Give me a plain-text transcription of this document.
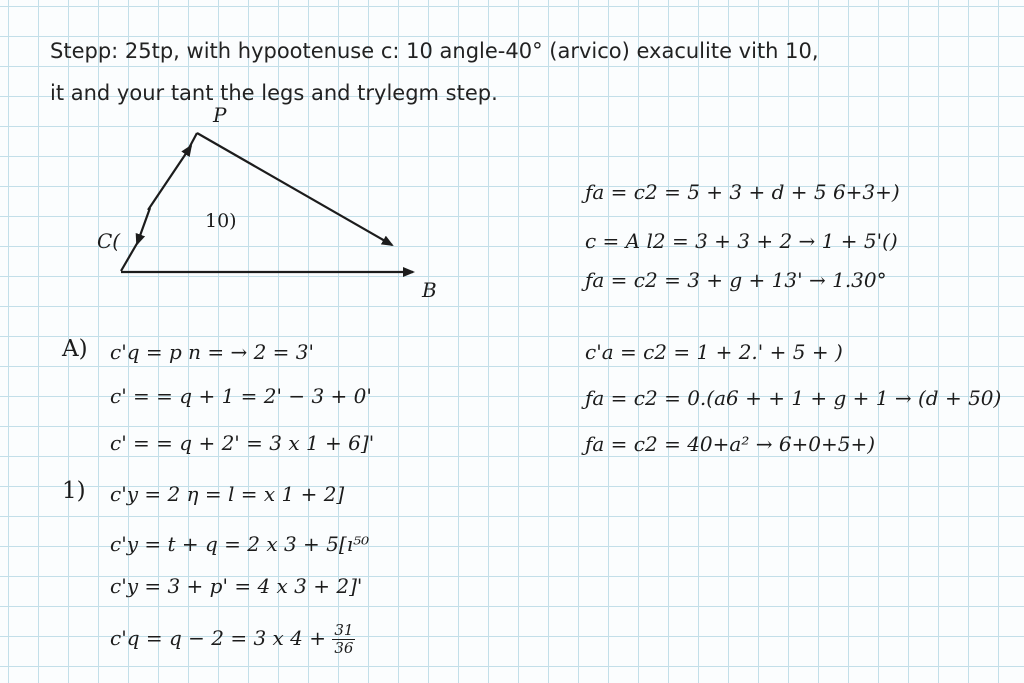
Stepp: 25tp, with hypootenuse c: 10 angle-40° (arvico) exaculite vith 10,
it and your tant the legs and trylegm step.
P
C(
B
10)
ƒa = c2 = 5 + 3 + d + 5 6+3+)
c = A l2 = 3 + 3 + 2 → 1 + 5'()
ƒa = c2 = 3 + g + 13' → 1.30°
c'a = c2 = 1 + 2.' + 5 + )
ƒa = c2 = 0.(a6 + + 1 + g + 1 → (d + 50)
ƒa = c2 = 40+a² → 6+0+5+)
A) c'q = p n = → 2 = 3'
c' = = q + 1 = 2' − 3 + 0'
c' = = q + 2' = 3 x 1 + 6]'
1) c'y = 2 η = l = x 1 + 2]
c'y = t + q = 2 x 3 + 5[ı⁵⁰
c'y = 3 + p' = 4 x 3 + 2]'
c'q = q − 2 = 3 x $4 + \frac{31}{36}$
